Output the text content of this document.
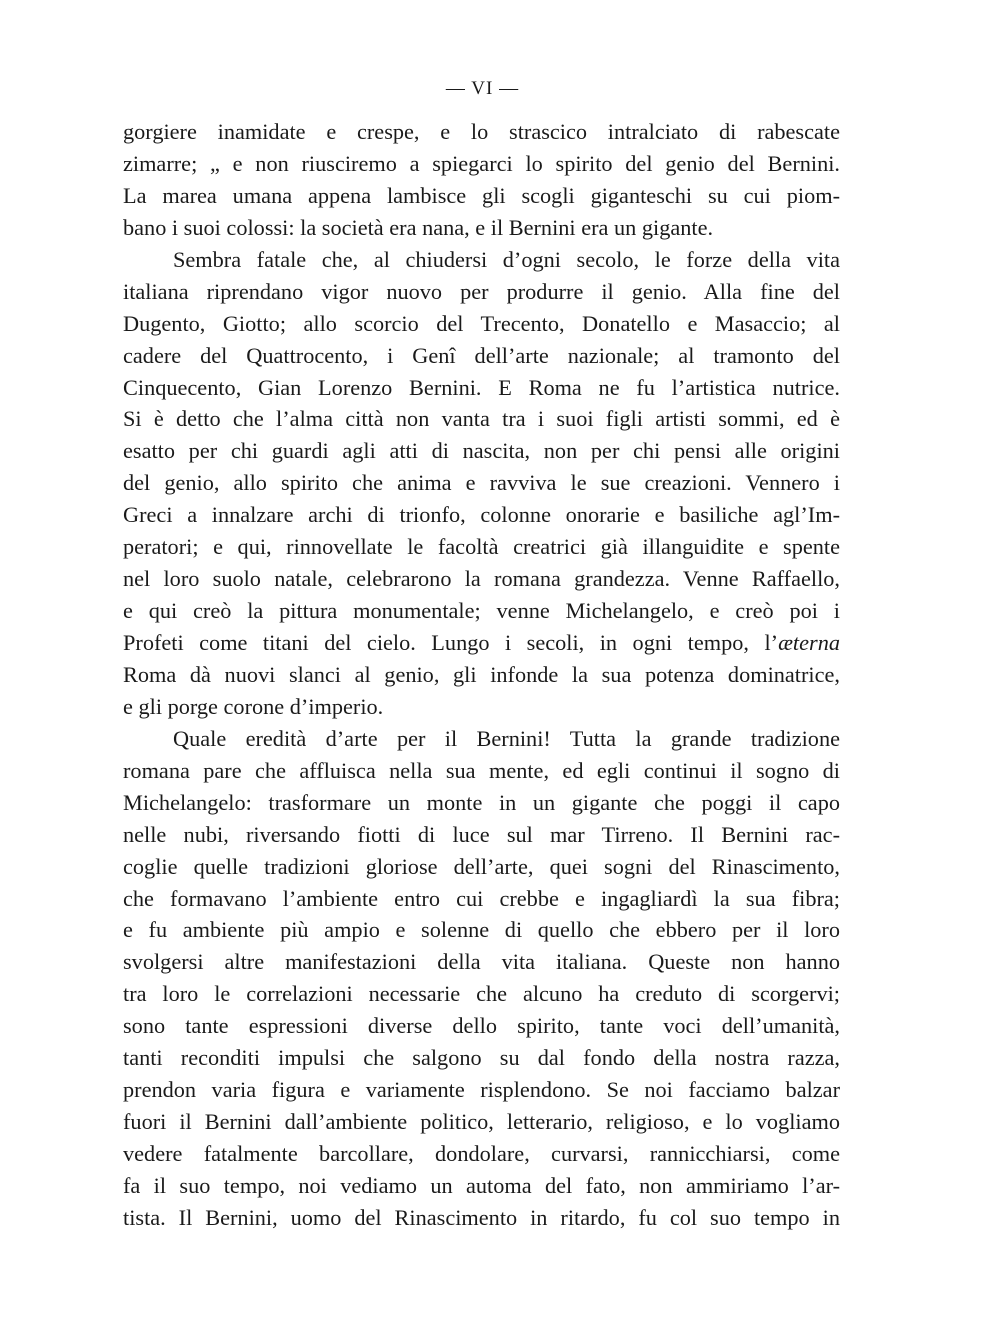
— VI —
gorgiere inamidate e crespe, e lo strascico intralciato di rabescate
zimarre; „ e non riusciremo a spiegarci lo spirito del genio del Bernini.
La marea umana appena lambisce gli scogli giganteschi su cui piom-
bano i suoi colossi: la società era nana, e il Bernini era un gigante.
Sembra fatale che, al chiudersi d’ogni secolo, le forze della vita
italiana riprendano vigor nuovo per produrre il genio. Alla fine del
Dugento, Giotto; allo scorcio del Trecento, Donatello e Masaccio; al
cadere del Quattrocento, i Genî dell’arte nazionale; al tramonto del
Cinquecento, Gian Lorenzo Bernini. E Roma ne fu l’artistica nutrice.
Si è detto che l’alma città non vanta tra i suoi figli artisti sommi, ed è
esatto per chi guardi agli atti di nascita, non per chi pensi alle origini
del genio, allo spirito che anima e ravviva le sue creazioni. Vennero i
Greci a innalzare archi di trionfo, colonne onorarie e basiliche agl’Im-
peratori; e qui, rinnovellate le facoltà creatrici già illanguidite e spente
nel loro suolo natale, celebrarono la romana grandezza. Venne Raffaello,
e qui creò la pittura monumentale; venne Michelangelo, e creò poi i
Profeti come titani del cielo. Lungo i secoli, in ogni tempo, l’æterna
Roma dà nuovi slanci al genio, gli infonde la sua potenza dominatrice,
e gli porge corone d’imperio.
Quale eredità d’arte per il Bernini! Tutta la grande tradizione
romana pare che affluisca nella sua mente, ed egli continui il sogno di
Michelangelo: trasformare un monte in un gigante che poggi il capo
nelle nubi, riversando fiotti di luce sul mar Tirreno. Il Bernini rac-
coglie quelle tradizioni gloriose dell’arte, quei sogni del Rinascimento,
che formavano l’ambiente entro cui crebbe e ingagliardì la sua fibra;
e fu ambiente più ampio e solenne di quello che ebbero per il loro
svolgersi altre manifestazioni della vita italiana. Queste non hanno
tra loro le correlazioni necessarie che alcuno ha creduto di scorgervi;
sono tante espressioni diverse dello spirito, tante voci dell’umanità,
tanti reconditi impulsi che salgono su dal fondo della nostra razza,
prendon varia figura e variamente risplendono. Se noi facciamo balzar
fuori il Bernini dall’ambiente politico, letterario, religioso, e lo vogliamo
vedere fatalmente barcollare, dondolare, curvarsi, rannicchiarsi, come
fa il suo tempo, noi vediamo un automa del fato, non ammiriamo l’ar-
tista. Il Bernini, uomo del Rinascimento in ritardo, fu col suo tempo in
